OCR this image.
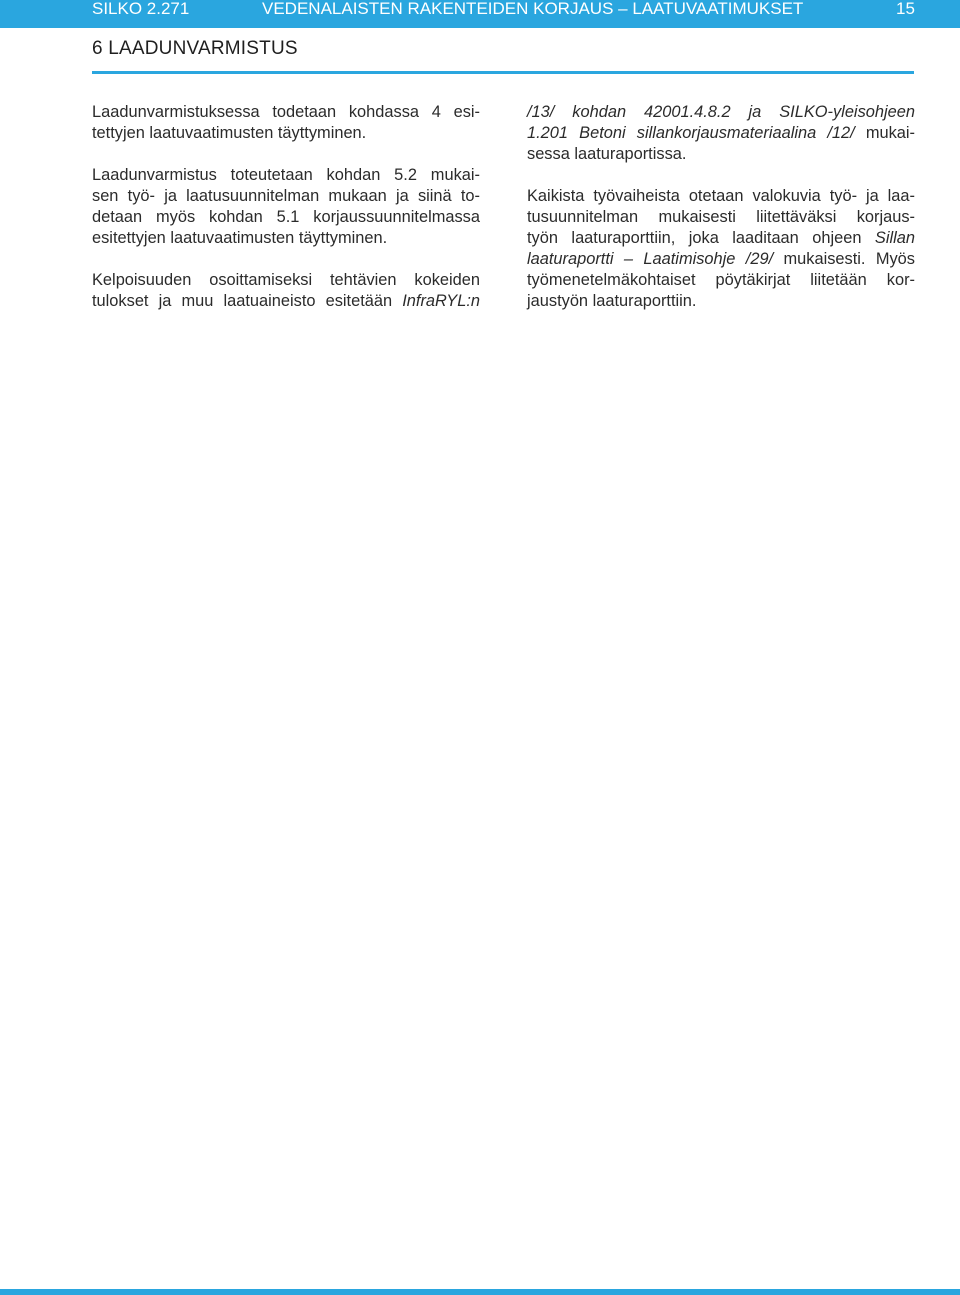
SILKO 2.271	VEDENALAISTEN RAKENTEIDEN KORJAUS – LAATUVAATIMUKSET	15
6 LAADUNVARMISTUS

Laadunvarmistuksessa todetaan kohdassa 4 esi-
tettyjen laatuvaatimusten täyttyminen.

Laadunvarmistus toteutetaan kohdan 5.2 mukai-
sen työ- ja laatusuunnitelman mukaan ja siinä to-
detaan myös kohdan 5.1 korjaussuunnitelmassa
esitettyjen laatuvaatimusten täyttyminen.

Kelpoisuuden osoittamiseksi tehtävien kokeiden
tulokset ja muu laatuaineisto esitetään InfraRYL:n

/13/ kohdan 42001.4.8.2 ja SILKO-yleisohjeen
1.201 Betoni sillankorjausmateriaalina /12/ mukai-
sessa laaturaportissa.

Kaikista työvaiheista otetaan valokuvia työ- ja laa-
tusuunnitelman mukaisesti liitettäväksi korjaus-
työn laaturaporttiin, joka laaditaan ohjeen Sillan
laaturaportti – Laatimisohje /29/ mukaisesti. Myös
työmenetelmäkohtaiset pöytäkirjat liitetään kor-
jaustyön laaturaporttiin.
